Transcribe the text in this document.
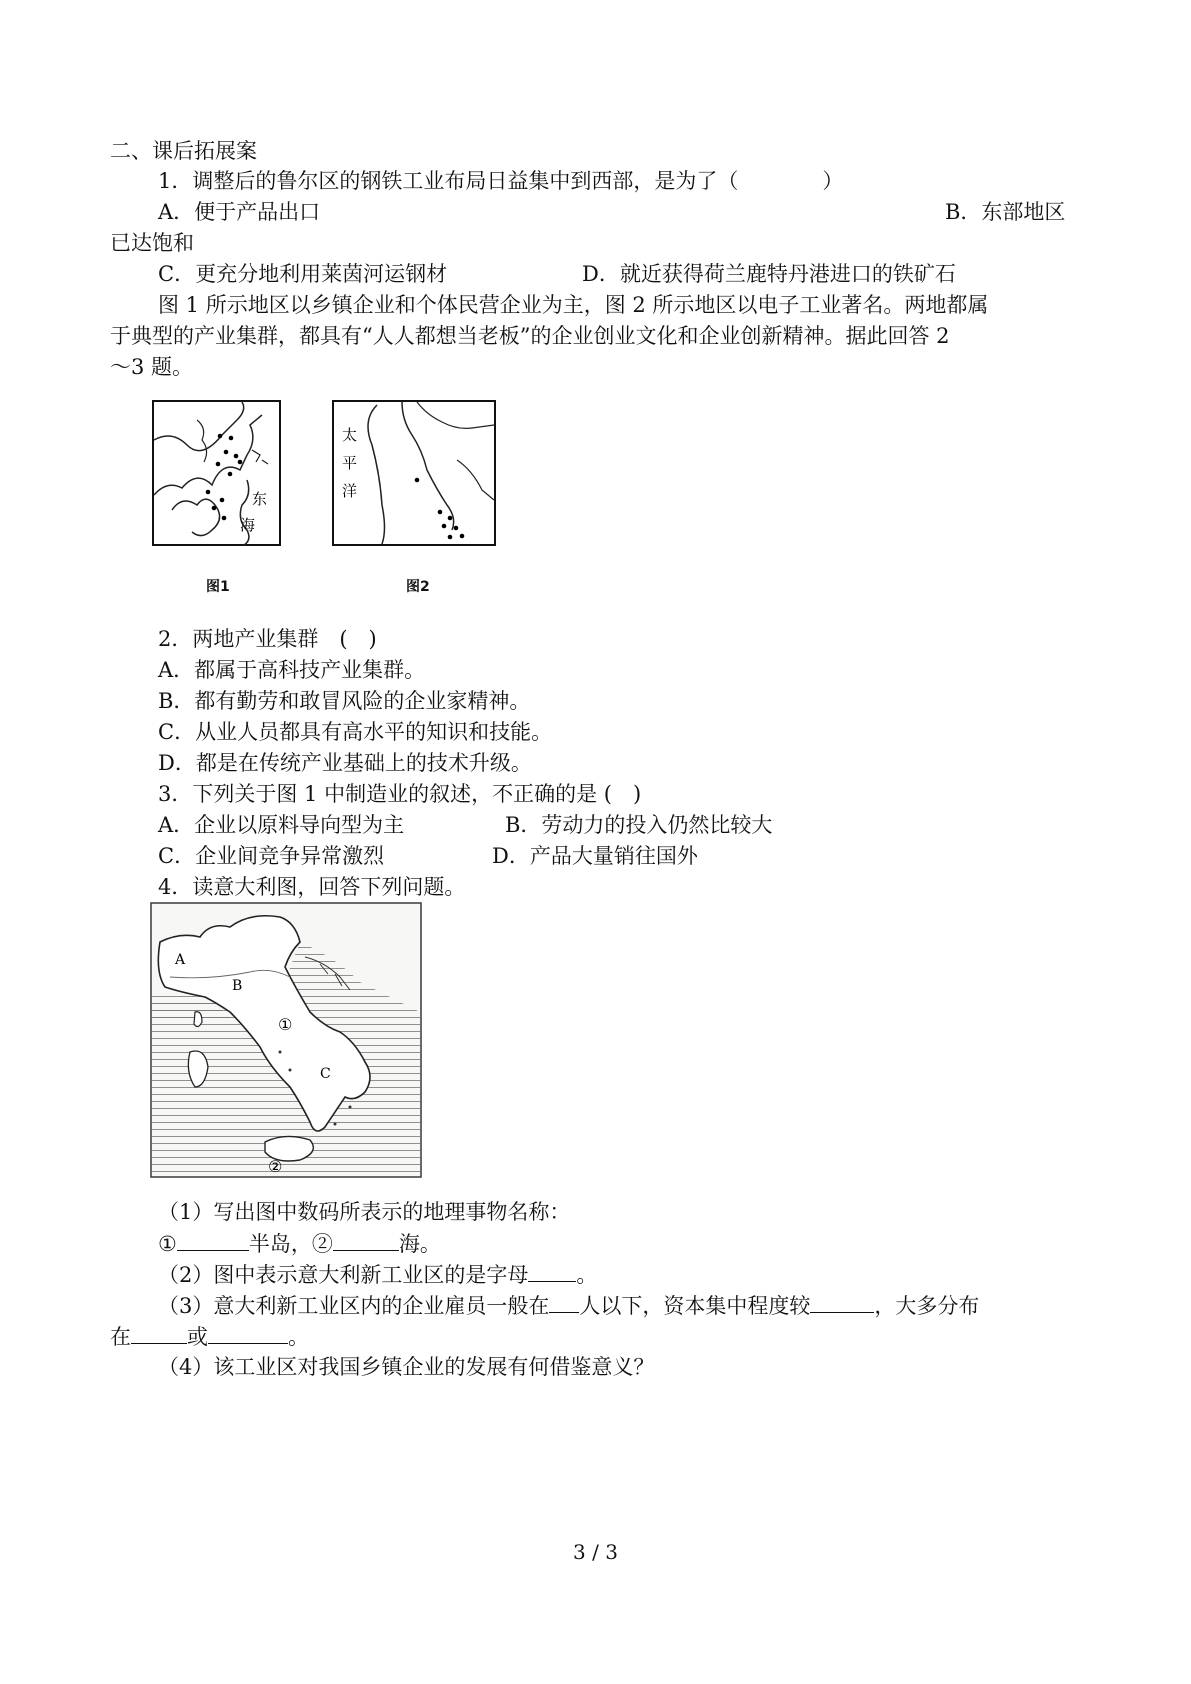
二、课后拓展案
1．调整后的鲁尔区的钢铁工业布局日益集中到西部，是为了（　　　　）
A．便于产品出口	B．东部地区
已达饱和
C．更充分地利用莱茵河运钢材	D．就近获得荷兰鹿特丹港进口的铁矿石
图 1 所示地区以乡镇企业和个体民营企业为主，图 2 所示地区以电子工业著名。两地都属
于典型的产业集群，都具有“人人都想当老板”的企业创业文化和企业创新精神。据此回答 2
～3 题。
东
海
图1
太
平
洋
图2
2．两地产业集群　(　)
A．都属于高科技产业集群。
B．都有勤劳和敢冒风险的企业家精神。
C．从业人员都具有高水平的知识和技能。
D．都是在传统产业基础上的技术升级。
3．下列关于图 1 中制造业的叙述，不正确的是 (　)
A．企业以原料导向型为主	B．劳动力的投入仍然比较大
C．企业间竞争异常激烈	D．产品大量销往国外
4．读意大利图，回答下列问题。
A
B
C
①
②
（1）写出图中数码所表示的地理事物名称：
①	半岛，②	海。
（2）图中表示意大利新工业区的是字母 。
（3）意大利新工业区内的企业雇员一般在 人以下，资本集中程度较	，大多分布
在	或	。
（4）该工业区对我国乡镇企业的发展有何借鉴意义？
3 / 3
